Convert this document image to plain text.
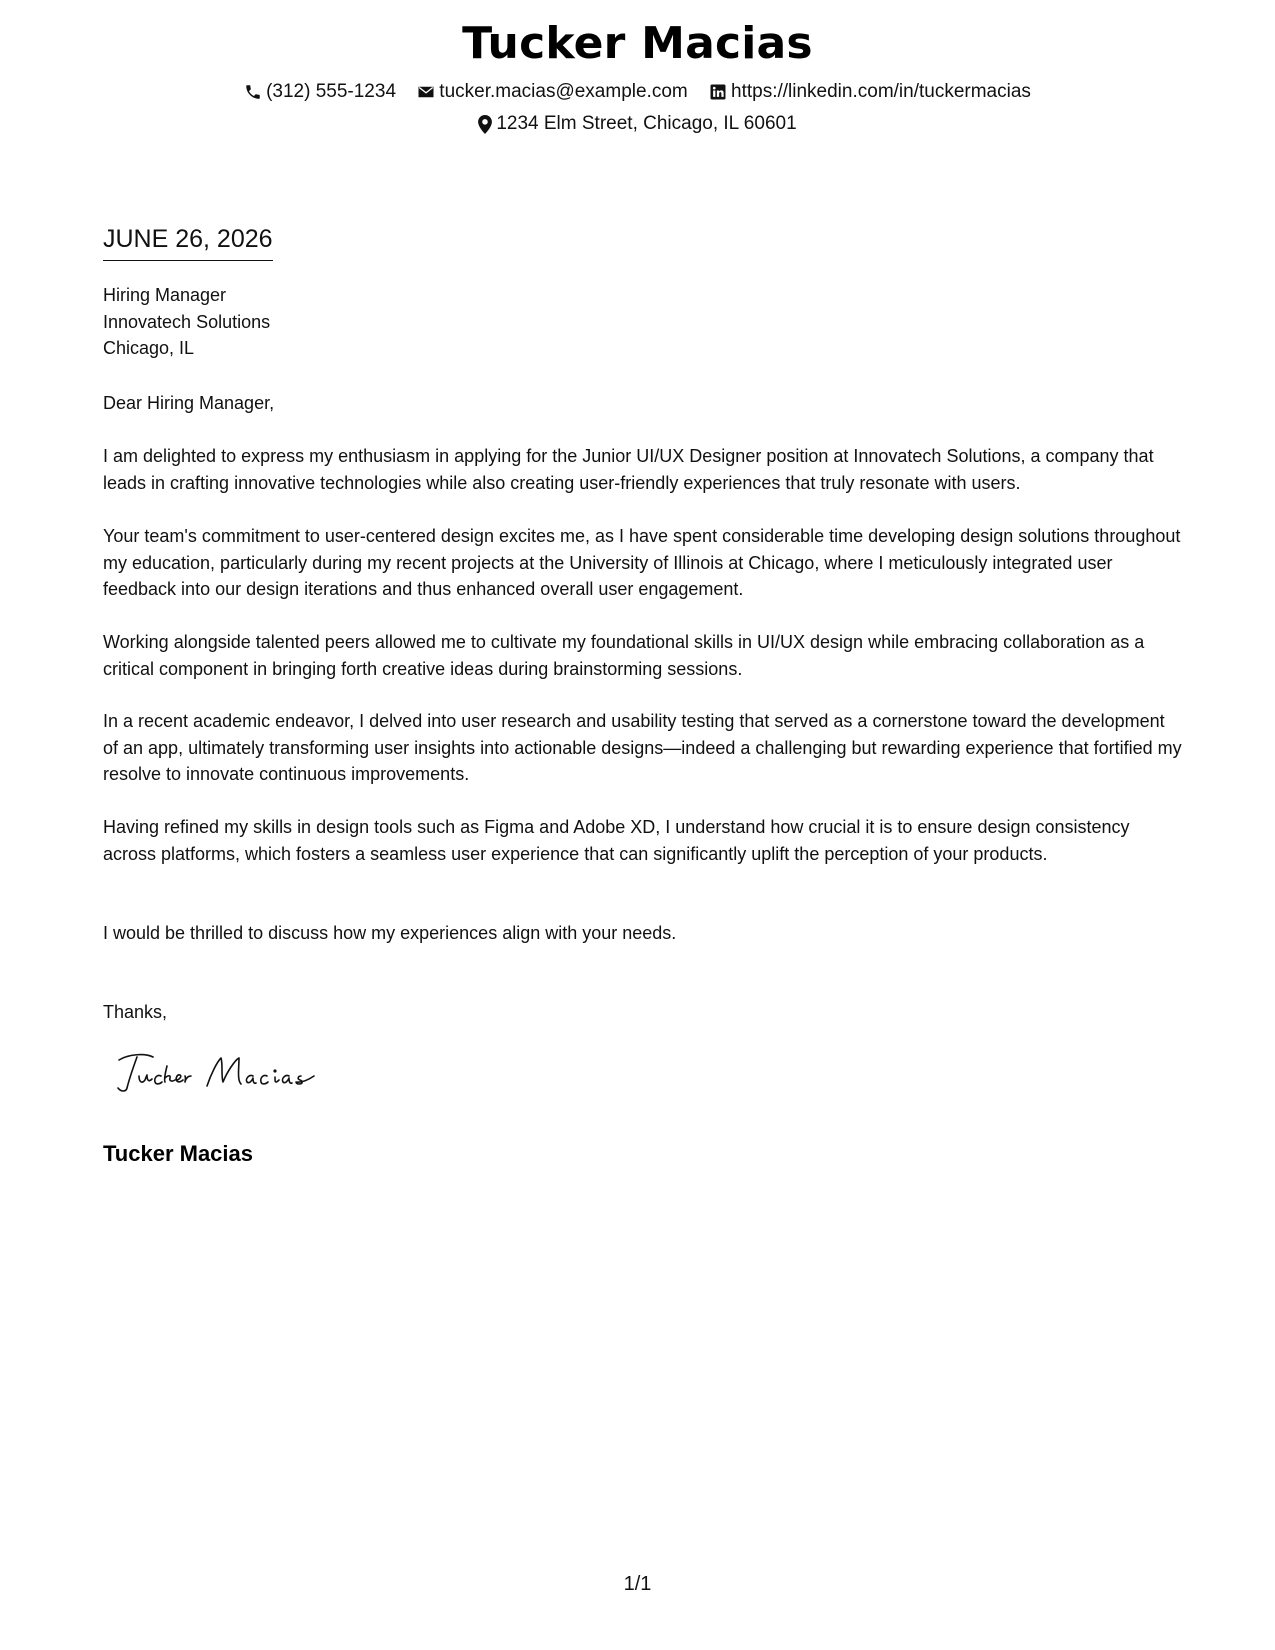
Tucker Macias
(312) 555-1234
tucker.macias@example.com
https://linkedin.com/in/tuckermacias
1234 Elm Street, Chicago, IL 60601
JUNE 26, 2026
Hiring Manager
Innovatech Solutions
Chicago, IL
Dear Hiring Manager,
I am delighted to express my enthusiasm in applying for the Junior UI/UX Designer position at Innovatech Solutions, a company that leads in crafting innovative technologies while also creating user-friendly experiences that truly resonate with users.
Your team's commitment to user-centered design excites me, as I have spent considerable time developing design solutions throughout my education, particularly during my recent projects at the University of Illinois at Chicago, where I meticulously integrated user feedback into our design iterations and thus enhanced overall user engagement.
Working alongside talented peers allowed me to cultivate my foundational skills in UI/UX design while embracing collaboration as a critical component in bringing forth creative ideas during brainstorming sessions.
In a recent academic endeavor, I delved into user research and usability testing that served as a cornerstone toward the development of an app, ultimately transforming user insights into actionable designs—indeed a challenging but rewarding experience that fortified my resolve to innovate continuous improvements.
Having refined my skills in design tools such as Figma and Adobe XD, I understand how crucial it is to ensure design consistency across platforms, which fosters a seamless user experience that can significantly uplift the perception of your products.
I would be thrilled to discuss how my experiences align with your needs.
Thanks,
Tucker Macias
1/1
